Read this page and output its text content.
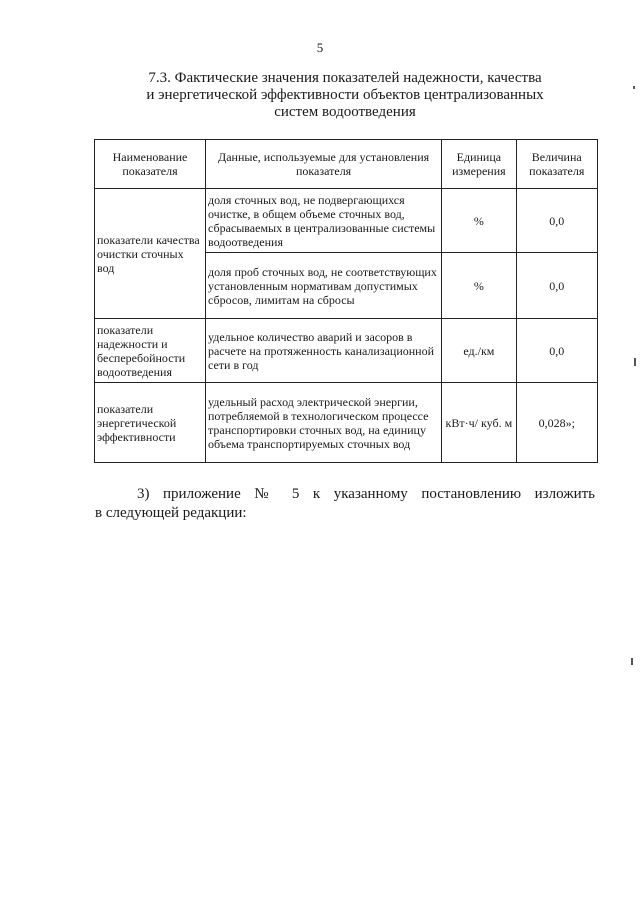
5
7.3. Фактические значения показателей надежности, качества
и энергетической эффективности объектов централизованных
систем водоотведения
Наименование показателя	Данные, используемые для установления показателя	Единица измерения	Величина показателя
показатели качества очистки сточных вод	доля сточных вод, не подвергающихся очистке, в общем объеме сточных вод, сбрасываемых в централизованные системы водоотведения	%	0,0
	доля проб сточных вод, не соответствующих установленным нормативам допустимых сбросов, лимитам на сбросы	%	0,0
показатели надежности и бесперебойности водоотведения	удельное количество аварий и засоров в расчете на протяженность канализационной сети в год	ед./км	0,0
показатели энергетической эффективности	удельный расход электрической энергии, потребляемой в технологическом процессе транспортировки сточных вод, на единицу объема транспортируемых сточных вод	кВт·ч/ куб. м	0,028»;
3) приложение № 5 к указанному постановлению изложить
в следующей редакции:
